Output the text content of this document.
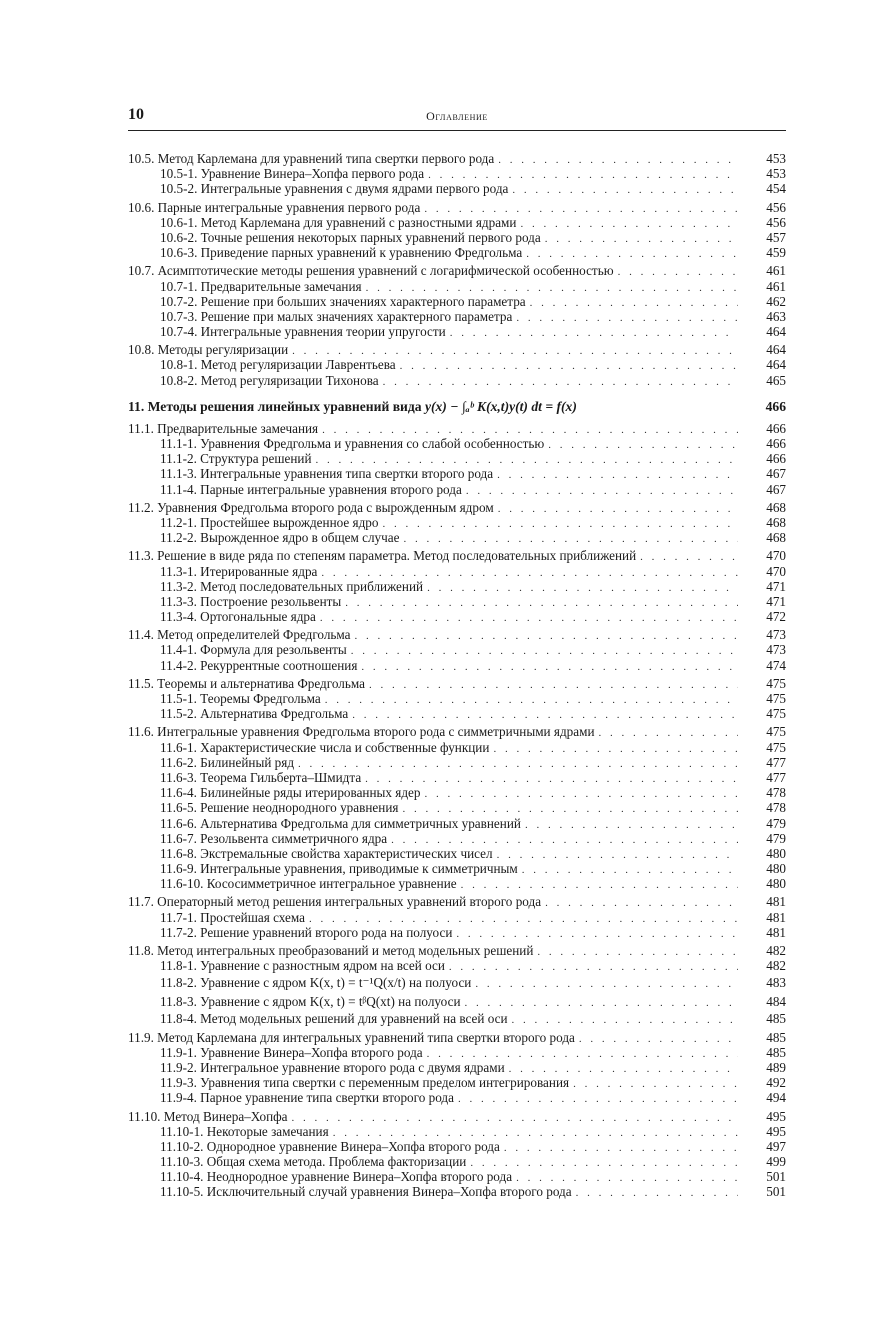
10	Оглавление
10.5. Метод Карлемана для уравнений типа свертки первого рода . . .	453
10.5-1. Уравнение Винера–Хопфа первого рода . . .	453
10.5-2. Интегральные уравнения с двумя ядрами первого рода . . .	454
10.6. Парные интегральные уравнения первого рода . . .	456
10.6-1. Метод Карлемана для уравнений с разностными ядрами . . .	456
10.6-2. Точные решения некоторых парных уравнений первого рода . . .	457
10.6-3. Приведение парных уравнений к уравнению Фредгольма . . .	459
10.7. Асимптотические методы решения уравнений с логарифмической особенностью . . .	461
10.7-1. Предварительные замечания . . .	461
10.7-2. Решение при больших значениях характерного параметра . . .	462
10.7-3. Решение при малых значениях характерного параметра . . .	463
10.7-4. Интегральные уравнения теории упругости . . .	464
10.8. Методы регуляризации . . .	464
10.8-1. Метод регуляризации Лаврентьева . . .	464
10.8-2. Метод регуляризации Тихонова . . .	465
11. Методы решения линейных уравнений вида y(x) − ∫ₐᵇ K(x,t)y(t) dt = f(x)	466
11.1. Предварительные замечания . . .	466
11.1-1. Уравнения Фредгольма и уравнения со слабой особенностью . . .	466
11.1-2. Структура решений . . .	466
11.1-3. Интегральные уравнения типа свертки второго рода . . .	467
11.1-4. Парные интегральные уравнения второго рода . . .	467
11.2. Уравнения Фредгольма второго рода с вырожденным ядром . . .	468
11.2-1. Простейшее вырожденное ядро . . .	468
11.2-2. Вырожденное ядро в общем случае . . .	468
11.3. Решение в виде ряда по степеням параметра. Метод последовательных приближений . . .	470
11.3-1. Итерированные ядра . . .	470
11.3-2. Метод последовательных приближений . . .	471
11.3-3. Построение резольвенты . . .	471
11.3-4. Ортогональные ядра . . .	472
11.4. Метод определителей Фредгольма . . .	473
11.4-1. Формула для резольвенты . . .	473
11.4-2. Рекуррентные соотношения . . .	474
11.5. Теоремы и альтернатива Фредгольма . . .	475
11.5-1. Теоремы Фредгольма . . .	475
11.5-2. Альтернатива Фредгольма . . .	475
11.6. Интегральные уравнения Фредгольма второго рода с симметричными ядрами . . .	475
11.6-1. Характеристические числа и собственные функции . . .	475
11.6-2. Билинейный ряд . . .	477
11.6-3. Теорема Гильберта–Шмидта . . .	477
11.6-4. Билинейные ряды итерированных ядер . . .	478
11.6-5. Решение неоднородного уравнения . . .	478
11.6-6. Альтернатива Фредгольма для симметричных уравнений . . .	479
11.6-7. Резольвента симметричного ядра . . .	479
11.6-8. Экстремальные свойства характеристических чисел . . .	480
11.6-9. Интегральные уравнения, приводимые к симметричным . . .	480
11.6-10. Кососимметричное интегральное уравнение . . .	480
11.7. Операторный метод решения интегральных уравнений второго рода . . .	481
11.7-1. Простейшая схема . . .	481
11.7-2. Решение уравнений второго рода на полуоси . . .	481
11.8. Метод интегральных преобразований и метод модельных решений . . .	482
11.8-1. Уравнение с разностным ядром на всей оси . . .	482
11.8-2. Уравнение с ядром K(x, t) = t⁻¹Q(x/t) на полуоси . . .	483
11.8-3. Уравнение с ядром K(x, t) = tᵝQ(xt) на полуоси . . .	484
11.8-4. Метод модельных решений для уравнений на всей оси . . .	485
11.9. Метод Карлемана для интегральных уравнений типа свертки второго рода . . .	485
11.9-1. Уравнение Винера–Хопфа второго рода . . .	485
11.9-2. Интегральное уравнение второго рода с двумя ядрами . . .	489
11.9-3. Уравнения типа свертки с переменным пределом интегрирования . . .	492
11.9-4. Парное уравнение типа свертки второго рода . . .	494
11.10. Метод Винера–Хопфа . . .	495
11.10-1. Некоторые замечания . . .	495
11.10-2. Однородное уравнение Винера–Хопфа второго рода . . .	497
11.10-3. Общая схема метода. Проблема факторизации . . .	499
11.10-4. Неоднородное уравнение Винера–Хопфа второго рода . . .	501
11.10-5. Исключительный случай уравнения Винера–Хопфа второго рода . . .	501
